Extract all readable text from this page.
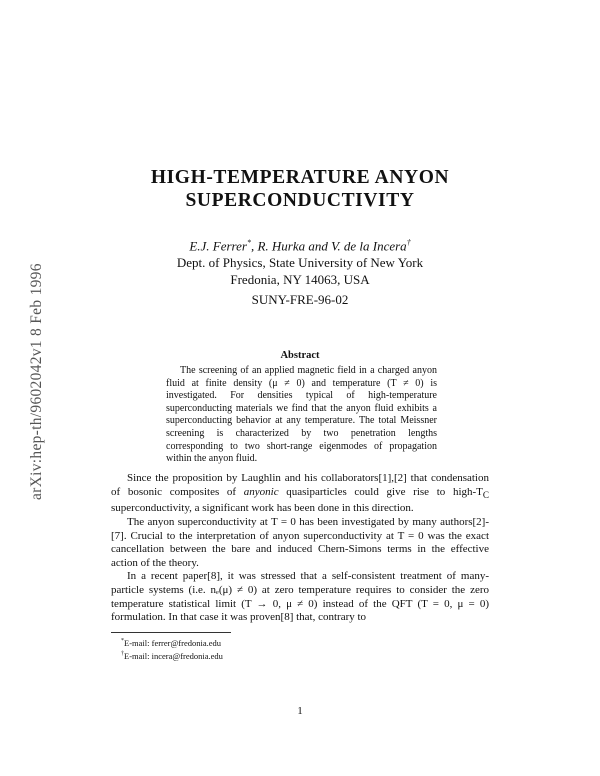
arXiv:hep-th/9602042v1 8 Feb 1996
HIGH-TEMPERATURE ANYON
SUPERCONDUCTIVITY
E.J. Ferrer*, R. Hurka and V. de la Incera†
Dept. of Physics, State University of New York
Fredonia, NY 14063, USA
SUNY-FRE-96-02
Abstract
The screening of an applied magnetic field in a charged anyon fluid at finite density (μ ≠ 0) and temperature (T ≠ 0) is investigated. For densities typical of high-temperature superconducting materials we find that the anyon fluid exhibits a superconducting behavior at any temperature. The total Meissner screening is characterized by two penetration lengths corresponding to two short-range eigenmodes of propagation within the anyon fluid.

Since the proposition by Laughlin and his collaborators[1],[2] that condensation of bosonic composites of anyonic quasiparticles could give rise to high-$T_C$ superconductivity, a significant work has been done in this direction.

The anyon superconductivity at T = 0 has been investigated by many authors[2]-[7]. Crucial to the interpretation of anyon superconductivity at T = 0 was the exact cancellation between the bare and induced Chern-Simons terms in the effective action of the theory.

In a recent paper[8], it was stressed that a self-consistent treatment of many-particle systems (i.e. nₑ(μ) ≠ 0) at zero temperature requires to consider the zero temperature statistical limit (T → 0, μ ≠ 0) instead of the QFT (T = 0, μ = 0) formulation. In that case it was proven[8] that, contrary to

*E-mail: ferrer@fredonia.edu
†E-mail: incera@fredonia.edu
1
